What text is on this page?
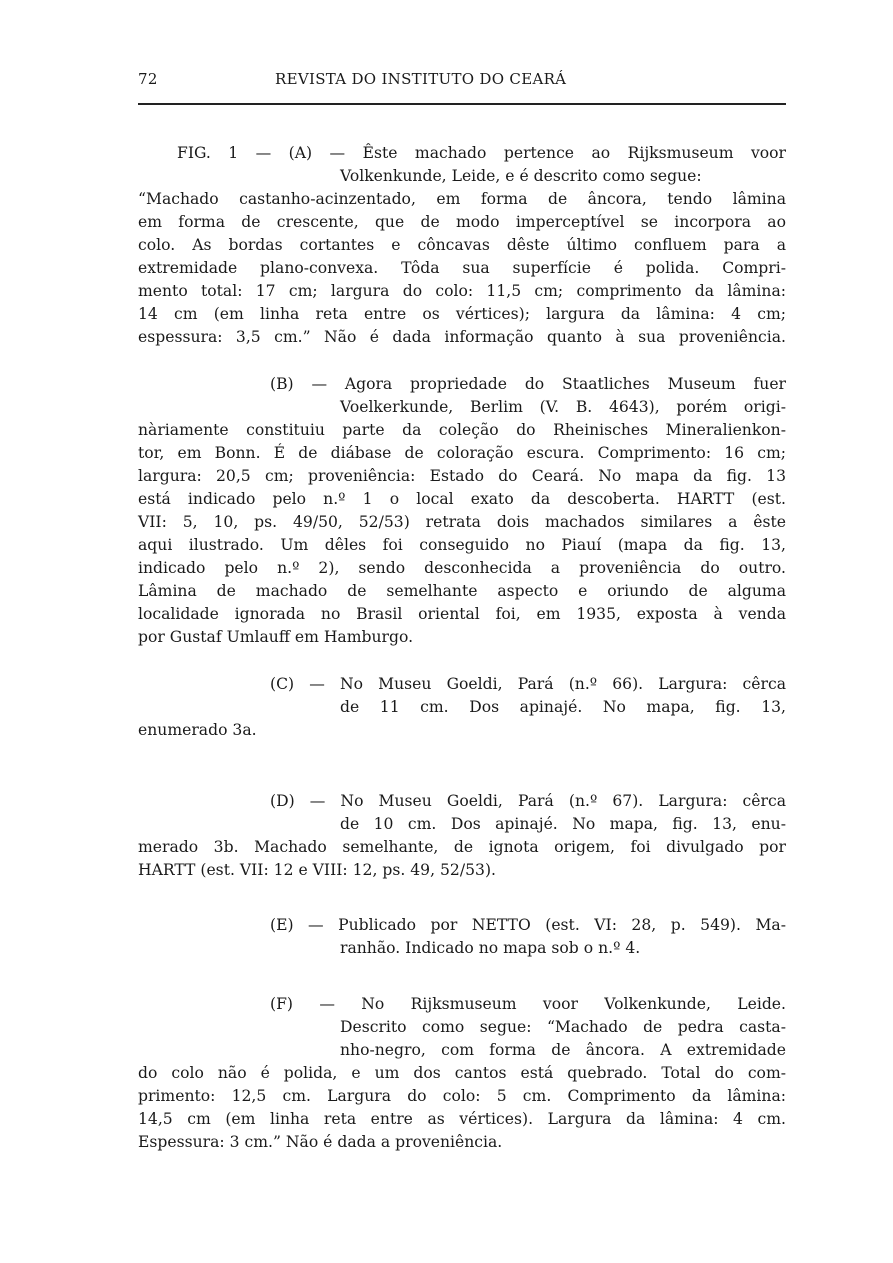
72	REVISTA DO INSTITUTO DO CEARÁ
FIG. 1 — (A) — Êste machado pertence ao Rijksmuseum voor
Volkenkunde, Leide, e é descrito como segue:
“Machado castanho-acinzentado, em forma de âncora, tendo lâmina
em forma de crescente, que de modo imperceptível se incorpora ao
colo. As bordas cortantes e côncavas dêste último confluem para a
extremidade plano-convexa. Tôda sua superfície é polida. Compri-
mento total: 17 cm; largura do colo: 11,5 cm; comprimento da lâmina:
14 cm (em linha reta entre os vértices); largura da lâmina: 4 cm;
espessura: 3,5 cm.” Não é dada informação quanto à sua proveniência.
(B) — Agora propriedade do Staatliches Museum fuer
Voelkerkunde, Berlim (V. B. 4643), porém origi-
nàriamente constituiu parte da coleção do Rheinisches Mineralienkon-
tor, em Bonn. É de diábase de coloração escura. Comprimento: 16 cm;
largura: 20,5 cm; proveniência: Estado do Ceará. No mapa da fig. 13
está indicado pelo n.º 1 o local exato da descoberta. HARTT (est.
VII: 5, 10, ps. 49/50, 52/53) retrata dois machados similares a êste
aqui ilustrado. Um dêles foi conseguido no Piauí (mapa da fig. 13,
indicado pelo n.º 2), sendo desconhecida a proveniência do outro.
Lâmina de machado de semelhante aspecto e oriundo de alguma
localidade ignorada no Brasil oriental foi, em 1935, exposta à venda
por Gustaf Umlauff em Hamburgo.
(C) — No Museu Goeldi, Pará (n.º 66). Largura: cêrca
de 11 cm. Dos apinajé. No mapa, fig. 13,
enumerado 3a.
(D) — No Museu Goeldi, Pará (n.º 67). Largura: cêrca
de 10 cm. Dos apinajé. No mapa, fig. 13, enu-
merado 3b. Machado semelhante, de ignota origem, foi divulgado por
HARTT (est. VII: 12 e VIII: 12, ps. 49, 52/53).
(E) — Publicado por NETTO (est. VI: 28, p. 549). Ma-
ranhão. Indicado no mapa sob o n.º 4.
(F) — No Rijksmuseum voor Volkenkunde, Leide.
Descrito como segue: “Machado de pedra casta-
nho-negro, com forma de âncora. A extremidade
do colo não é polida, e um dos cantos está quebrado. Total do com-
primento: 12,5 cm. Largura do colo: 5 cm. Comprimento da lâmina:
14,5 cm (em linha reta entre as vértices). Largura da lâmina: 4 cm.
Espessura: 3 cm.” Não é dada a proveniência.
